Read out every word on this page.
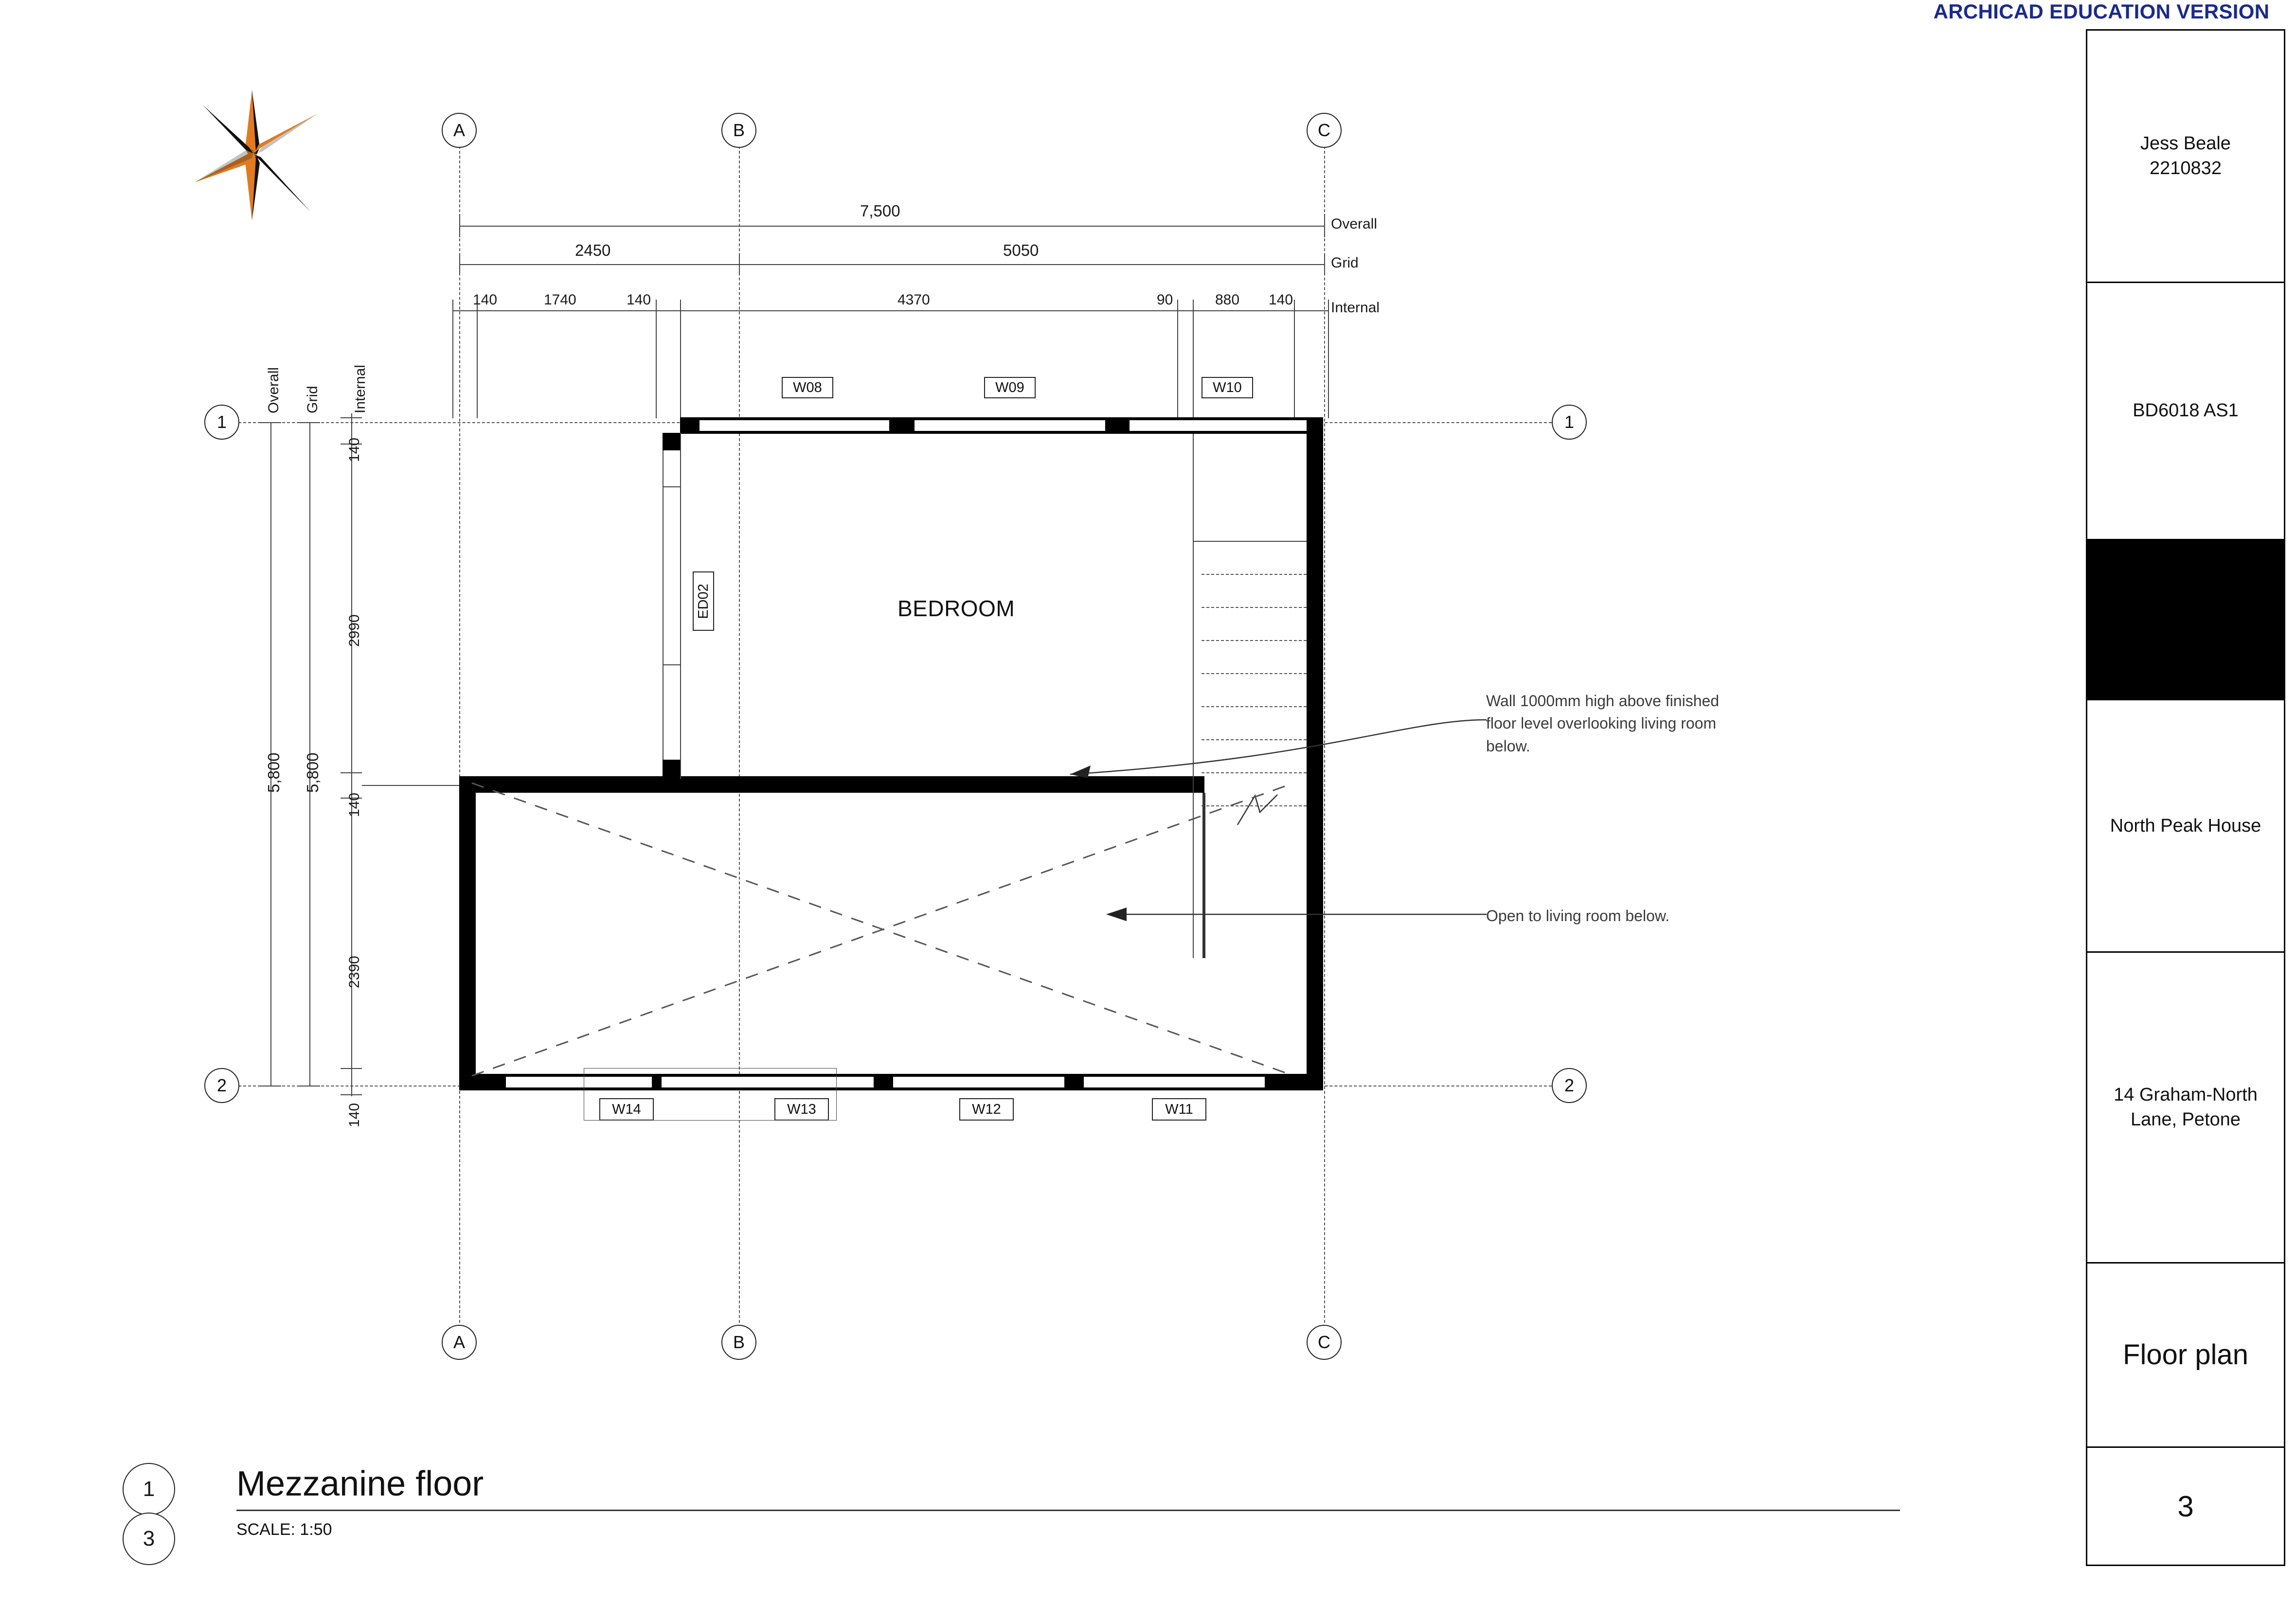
ARCHICAD EDUCATION VERSION
Jess Beale
2210832
BD6018 AS1
North Peak House
14 Graham-North
Lane, Petone
Floor plan
3
A	B	C
A	B	C
1
2
1
2
7,500
Overall
2450	5050
Grid
140	1740	140	4370	90	880 140	Internal
5,800
Overall
5,800
Grid
140
2990
140
2390
140
Internal
BEDROOM
W08	W09	W10
W14	W13	W12	W11
ED02
Wall 1000mm high above finished floor level overlooking living room below.
Open to living room below.
1
3
Mezzanine floor
SCALE: 1:50
